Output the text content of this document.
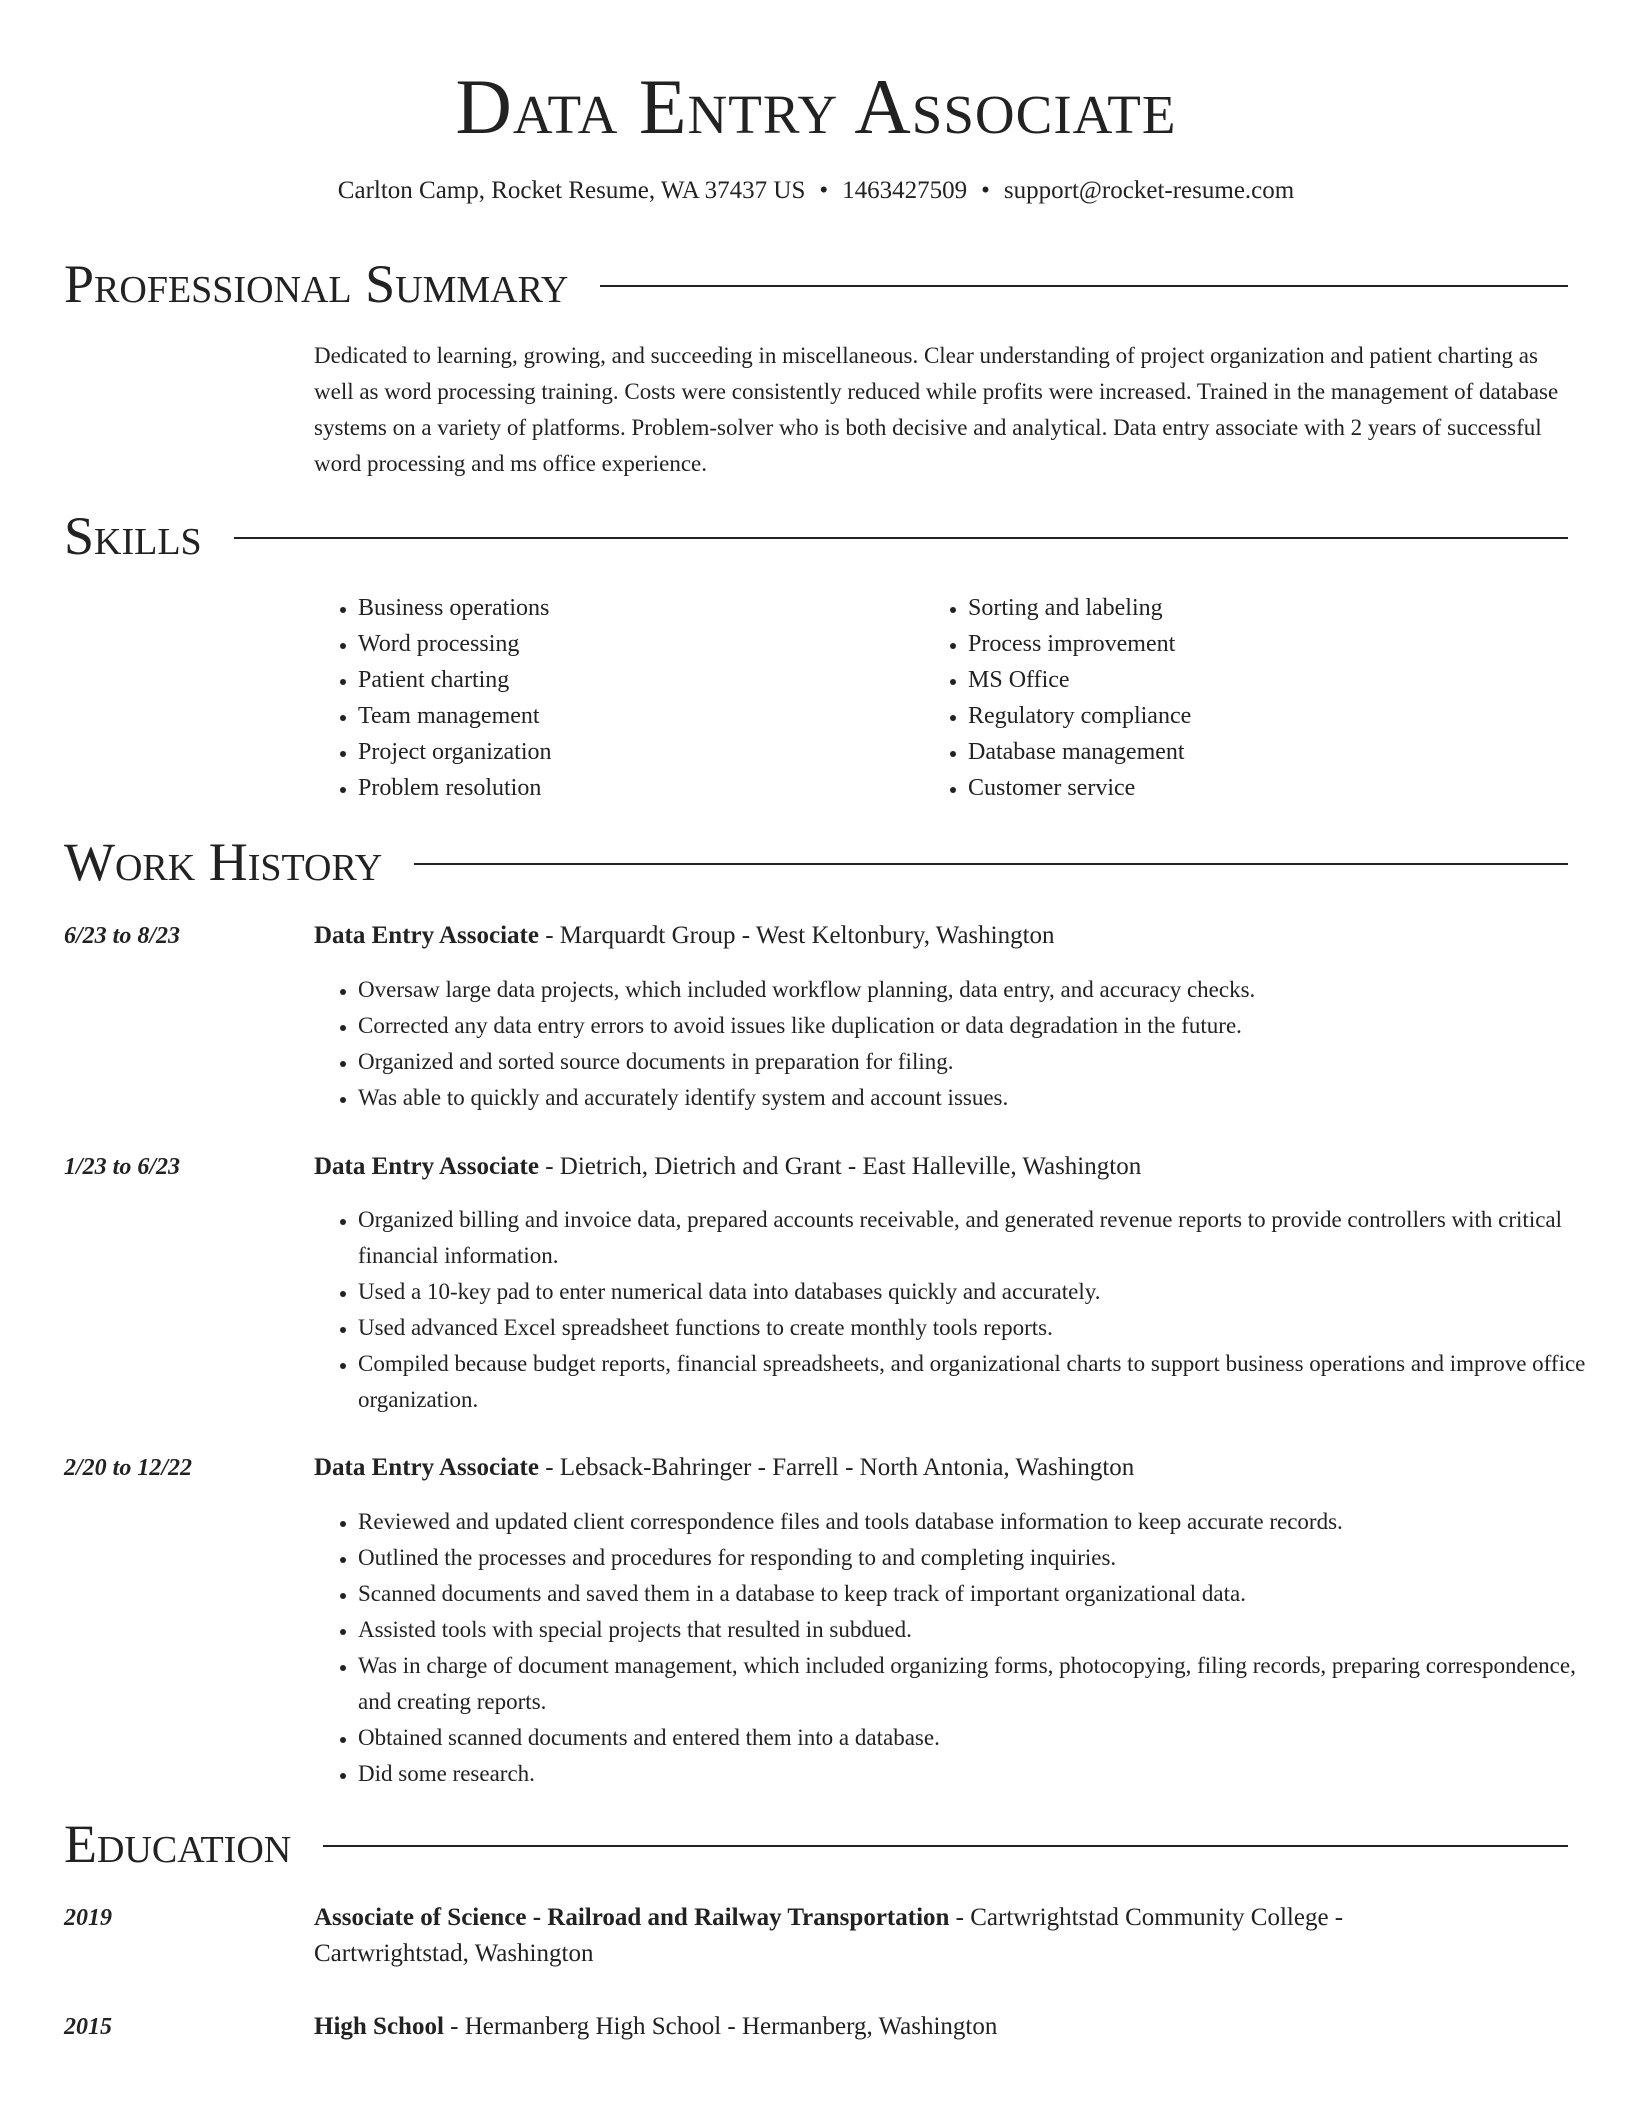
Data Entry Associate
Carlton Camp, Rocket Resume, WA 37437 US • 1463427509 • support@rocket-resume.com
Professional Summary
Dedicated to learning, growing, and succeeding in miscellaneous. Clear understanding of project organization and patient charting as well as word processing training. Costs were consistently reduced while profits were increased. Trained in the management of database systems on a variety of platforms. Problem-solver who is both decisive and analytical. Data entry associate with 2 years of successful word processing and ms office experience.
Skills
• Business operations
• Word processing
• Patient charting
• Team management
• Project organization
• Problem resolution
• Sorting and labeling
• Process improvement
• MS Office
• Regulatory compliance
• Database management
• Customer service
Work History
6/23 to 8/23	Data Entry Associate - Marquardt Group - West Keltonbury, Washington
• Oversaw large data projects, which included workflow planning, data entry, and accuracy checks.
• Corrected any data entry errors to avoid issues like duplication or data degradation in the future.
• Organized and sorted source documents in preparation for filing.
• Was able to quickly and accurately identify system and account issues.
1/23 to 6/23	Data Entry Associate - Dietrich, Dietrich and Grant - East Halleville, Washington
• Organized billing and invoice data, prepared accounts receivable, and generated revenue reports to provide controllers with critical financial information.
• Used a 10-key pad to enter numerical data into databases quickly and accurately.
• Used advanced Excel spreadsheet functions to create monthly tools reports.
• Compiled because budget reports, financial spreadsheets, and organizational charts to support business operations and improve office organization.
2/20 to 12/22	Data Entry Associate - Lebsack-Bahringer - Farrell - North Antonia, Washington
• Reviewed and updated client correspondence files and tools database information to keep accurate records.
• Outlined the processes and procedures for responding to and completing inquiries.
• Scanned documents and saved them in a database to keep track of important organizational data.
• Assisted tools with special projects that resulted in subdued.
• Was in charge of document management, which included organizing forms, photocopying, filing records, preparing correspondence, and creating reports.
• Obtained scanned documents and entered them into a database.
• Did some research.
Education
2019	Associate of Science - Railroad and Railway Transportation - Cartwrightstad Community College - Cartwrightstad, Washington
2015	High School - Hermanberg High School - Hermanberg, Washington
